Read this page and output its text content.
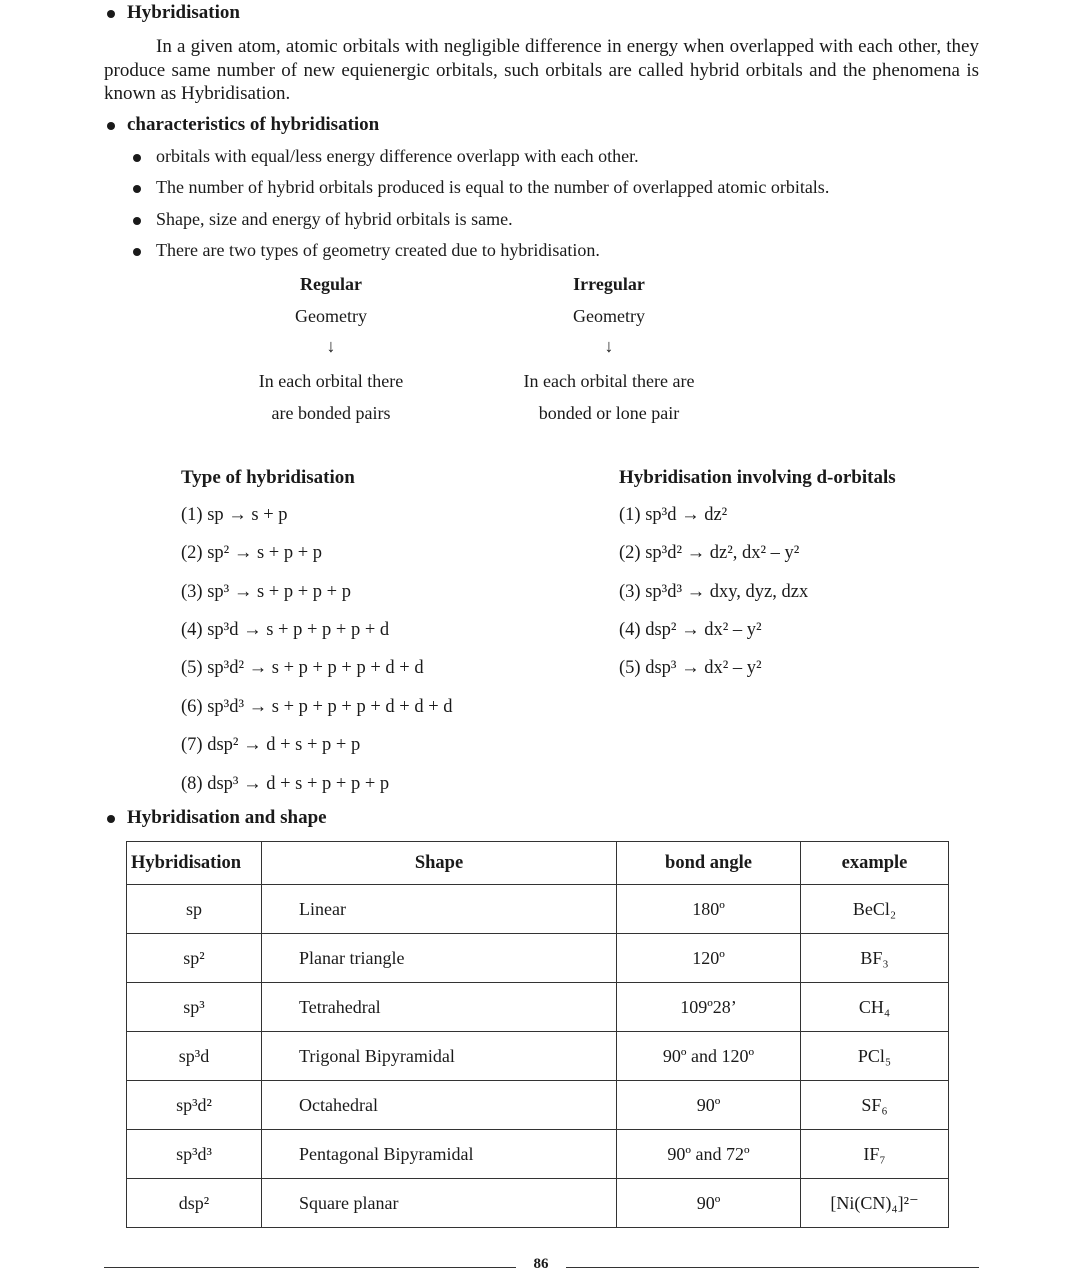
Hybridisation
In a given atom, atomic orbitals with negligible difference in energy when overlapped with each other, they produce same number of new equienergic orbitals, such orbitals are called hybrid orbitals and the phenomena is known as Hybridisation.
characteristics of hybridisation
orbitals with equal/less energy difference overlapp with each other.
The number of hybrid orbitals produced is equal to the number of overlapped atomic orbitals.
Shape, size and energy of hybrid orbitals is same.
There are two types of geometry created due to hybridisation.
Regular
Geometry
↓
In each orbital there
are bonded pairs
Irregular
Geometry
↓
In each orbital there are
bonded or lone pair
Type of hybridisation
(1) sp → s + p
(2) sp² → s + p + p
(3) sp³ → s + p + p + p
(4) sp³d → s + p + p + p + d
(5) sp³d² → s + p + p + p + d + d
(6) sp³d³ → s + p + p + p + d + d + d
(7) dsp² → d + s + p + p
(8) dsp³ → d + s + p + p + p
Hybridisation involving d-orbitals
(1) sp³d → dz²
(2) sp³d² → dz², dx² – y²
(3) sp³d³ → dxy, dyz, dzx
(4) dsp² → dx² – y²
(5) dsp³ → dx² – y²
Hybridisation and shape
Hybridisation	Shape	bond angle	example
sp	Linear	180º	BeCl₂
sp²	Planar triangle	120º	BF₃
sp³	Tetrahedral	109º28’	CH₄
sp³d	Trigonal Bipyramidal	90º and 120º	PCl₅
sp³d²	Octahedral	90º	SF₆
sp³d³	Pentagonal Bipyramidal	90º and 72º	IF₇
dsp²	Square planar	90º	[Ni(CN)₄]²⁻
86
